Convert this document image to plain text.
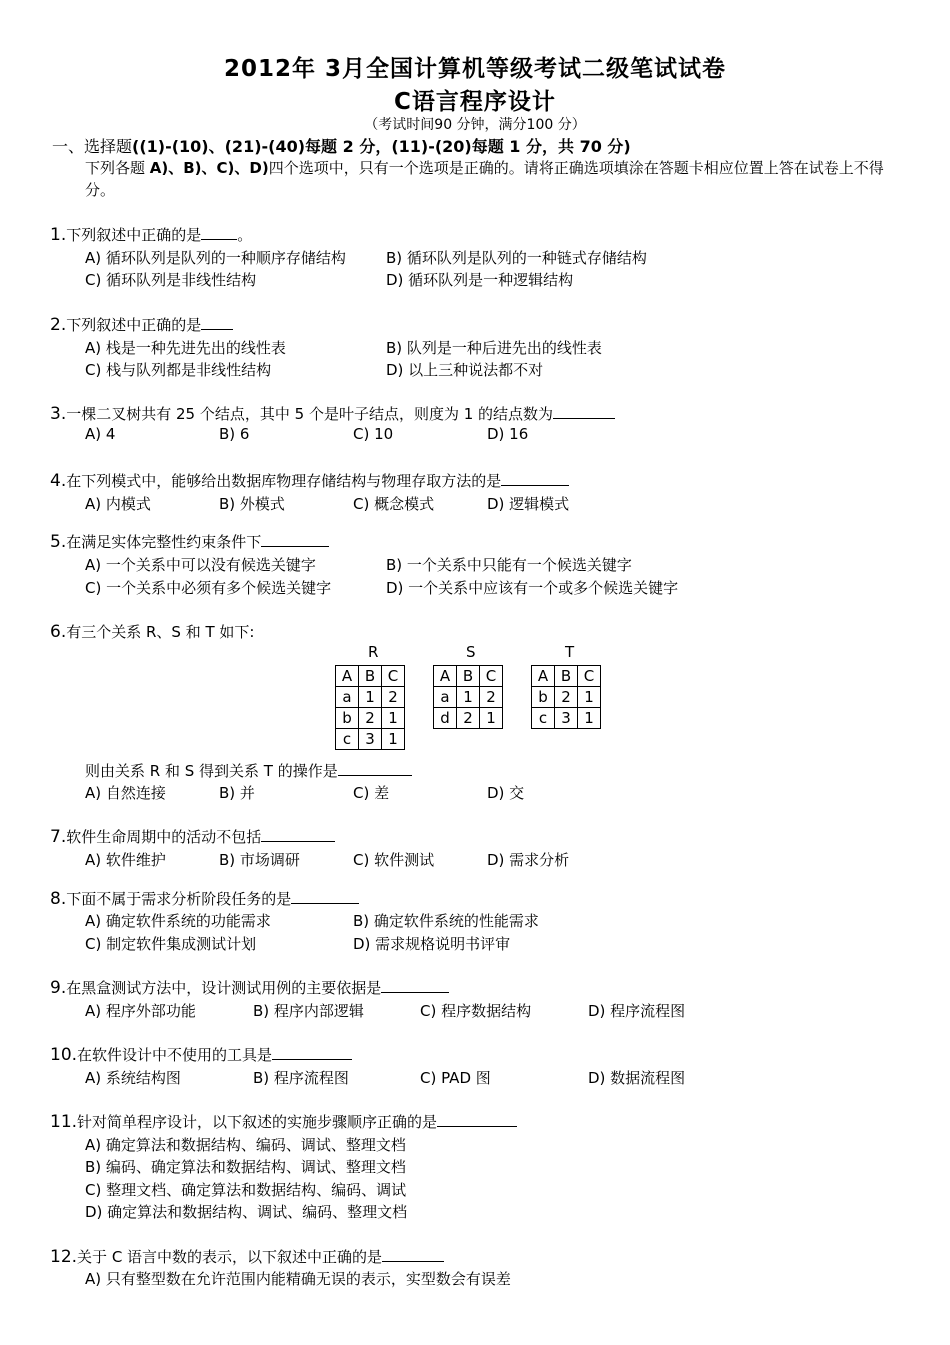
2012年 3月全国计算机等级考试二级笔试试卷
C语言程序设计
（考试时间90 分钟，满分100 分）
一、选择题((1)-(10)、(21)-(40)每题 2 分，(11)-(20)每题 1 分，共 70 分)
下列各题 A)、B)、C)、D)四个选项中，只有一个选项是正确的。请将正确选项填涂在答题卡相应位置上答在试卷上不得分。
1.下列叙述中正确的是 。
A) 循环队列是队列的一种顺序存储结构	B) 循环队列是队列的一种链式存储结构
C) 循环队列是非线性结构	D) 循环队列是一种逻辑结构
2.下列叙述中正确的是
A) 栈是一种先进先出的线性表	B) 队列是一种后进先出的线性表
C) 栈与队列都是非线性结构	D) 以上三种说法都不对
3.一棵二叉树共有 25 个结点，其中 5 个是叶子结点，则度为 1 的结点数为
A) 4	B) 6	C) 10	D) 16
4.在下列模式中，能够给出数据库物理存储结构与物理存取方法的是
A) 内模式	B) 外模式	C) 概念模式	D) 逻辑模式
5.在满足实体完整性约束条件下
A) 一个关系中可以没有候选关键字	B) 一个关系中只能有一个候选关键字
C) 一个关系中必须有多个候选关键字	D) 一个关系中应该有一个或多个候选关键字
6.有三个关系 R、S 和 T 如下:
R	S	T
A	B	C
a	1	2
b	2	1
c	3	1
A	B	C
a	1	2
d	2	1
A	B	C
b	2	1
c	3	1
则由关系 R 和 S 得到关系 T 的操作是
A) 自然连接	B) 并	C) 差	D) 交
7.软件生命周期中的活动不包括
A) 软件维护	B) 市场调研	C) 软件测试	D) 需求分析
8.下面不属于需求分析阶段任务的是
A) 确定软件系统的功能需求	B) 确定软件系统的性能需求
C) 制定软件集成测试计划	D) 需求规格说明书评审
9.在黑盒测试方法中，设计测试用例的主要依据是
A) 程序外部功能	B) 程序内部逻辑	C) 程序数据结构	D) 程序流程图
10.在软件设计中不使用的工具是
A) 系统结构图	B) 程序流程图	C) PAD 图	D) 数据流程图
11.针对简单程序设计，以下叙述的实施步骤顺序正确的是
A) 确定算法和数据结构、编码、调试、整理文档
B) 编码、确定算法和数据结构、调试、整理文档
C) 整理文档、确定算法和数据结构、编码、调试
D) 确定算法和数据结构、调试、编码、整理文档
12.关于 C 语言中数的表示，以下叙述中正确的是
A) 只有整型数在允许范围内能精确无误的表示，实型数会有误差
